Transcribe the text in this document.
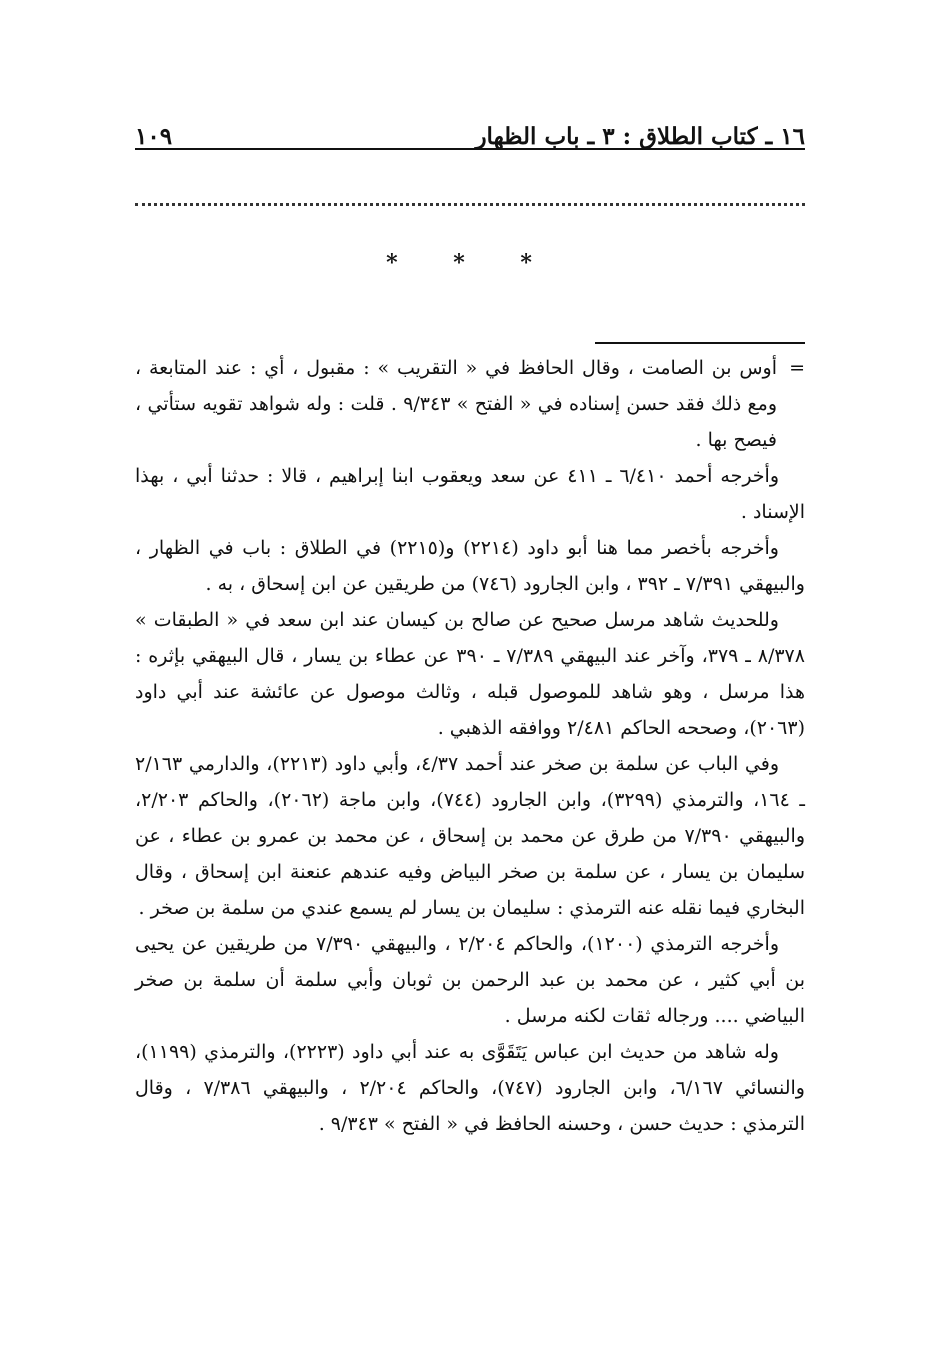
١٦ ـ كتاب الطلاق : ٣ ـ باب الظهار
١٠٩
* * *
=

أوس بن الصامت ، وقال الحافظ في « التقريب » : مقبول ، أي : عند المتابعة ، ومع ذلك فقد حسن إسناده في « الفتح » ٩/٣٤٣ . قلت : وله شواهد تقويه ستأتي ، فيصح بها .

وأخرجه أحمد ٦/٤١٠ ـ ٤١١ عن سعد ويعقوب ابنا إبراهيم ، قالا : حدثنا أبي ، بهذا الإسناد .

وأخرجه بأخصر مما هنا أبو داود (٢٢١٤) و(٢٢١٥) في الطلاق : باب في الظهار ، والبيهقي ٧/٣٩١ ـ ٣٩٢ ، وابن الجارود (٧٤٦) من طريقين عن ابن إسحاق ، به .

وللحديث شاهد مرسل صحيح عن صالح بن كيسان عند ابن سعد في « الطبقات » ٨/٣٧٨ ـ ٣٧٩، وآخر عند البيهقي ٧/٣٨٩ ـ ٣٩٠ عن عطاء بن يسار ، قال البيهقي بإثره : هذا مرسل ، وهو شاهد للموصول قبله ، وثالث موصول عن عائشة عند أبي داود (٢٠٦٣)، وصححه الحاكم ٢/٤٨١ ووافقه الذهبي .

وفي الباب عن سلمة بن صخر عند أحمد ٤/٣٧، وأبي داود (٢٢١٣)، والدارمي ٢/١٦٣ ـ ١٦٤، والترمذي (٣٢٩٩)، وابن الجارود (٧٤٤)، وابن ماجة (٢٠٦٢)، والحاكم ٢/٢٠٣، والبيهقي ٧/٣٩٠ من طرق عن محمد بن إسحاق ، عن محمد بن عمرو بن عطاء ، عن سليمان بن يسار ، عن سلمة بن صخر البياض وفيه عندهم عنعنة ابن إسحاق ، وقال البخاري فيما نقله عنه الترمذي : سليمان بن يسار لم يسمع عندي من سلمة بن صخر .

وأخرجه الترمذي (١٢٠٠)، والحاكم ٢/٢٠٤ ، والبيهقي ٧/٣٩٠ من طريقين عن يحيى بن أبي كثير ، عن محمد بن عبد الرحمن بن ثوبان وأبي سلمة أن سلمة بن صخر البياضي .... ورجاله ثقات لكنه مرسل .

وله شاهد من حديث ابن عباس يَتَقَوَّى به عند أبي داود (٢٢٢٣)، والترمذي (١١٩٩)، والنسائي ٦/١٦٧، وابن الجارود (٧٤٧)، والحاكم ٢/٢٠٤ ، والبيهقي ٧/٣٨٦ ، وقال الترمذي : حديث حسن ، وحسنه الحافظ في « الفتح » ٩/٣٤٣ .
